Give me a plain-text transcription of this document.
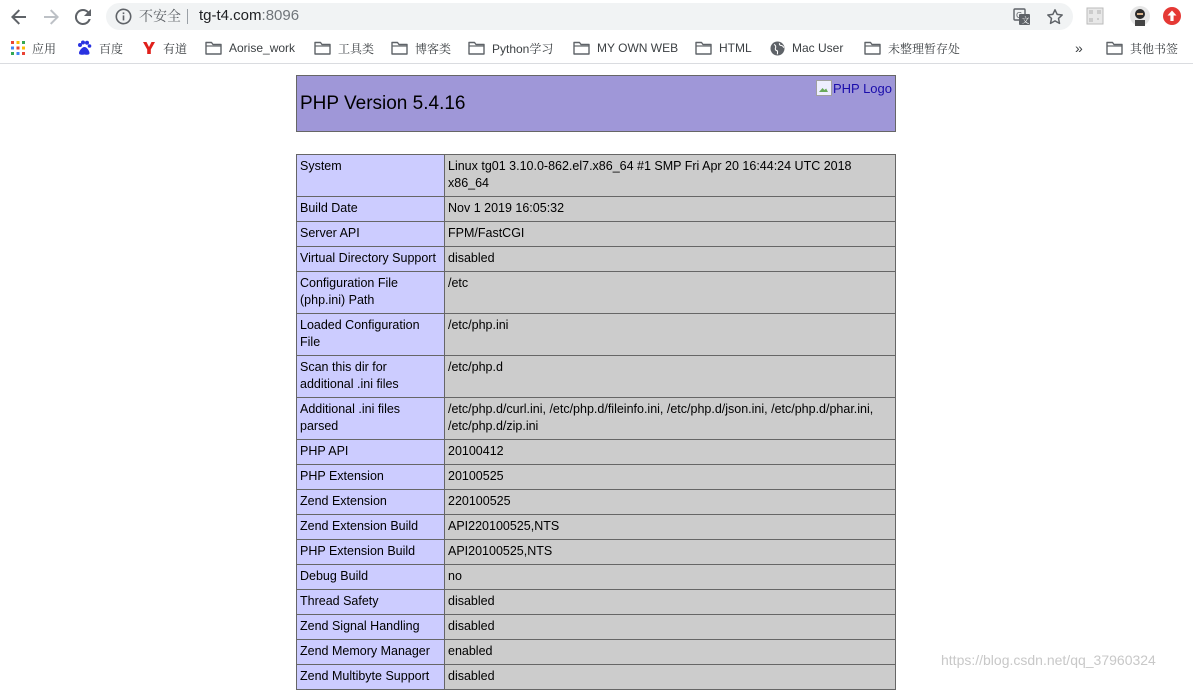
不安全 tg-t4.com:8096	G
文
应用	百度	有道	Aorise_work	工具类	博客类	Python学习	MY OWN WEB	HTML	Mac User	未整理暂存处	»	其他书签
PHP Logo
PHP Version 5.4.16
System	Linux tg01 3.10.0-862.el7.x86_64 #1 SMP Fri Apr 20 16:44:24 UTC 2018 x86_64
Build Date	Nov 1 2019 16:05:32
Server API	FPM/FastCGI
Virtual Directory Support	disabled
Configuration File (php.ini) Path	/etc
Loaded Configuration File	/etc/php.ini
Scan this dir for additional .ini files	/etc/php.d
Additional .ini files parsed	/etc/php.d/curl.ini, /etc/php.d/fileinfo.ini, /etc/php.d/json.ini, /etc/php.d/phar.ini, /etc/php.d/zip.ini
PHP API	20100412
PHP Extension	20100525
Zend Extension	220100525
Zend Extension Build	API220100525,NTS
PHP Extension Build	API20100525,NTS
Debug Build	no
Thread Safety	disabled
Zend Signal Handling	disabled
Zend Memory Manager	enabled
Zend Multibyte Support	disabled
https://blog.csdn.net/qq_37960324
